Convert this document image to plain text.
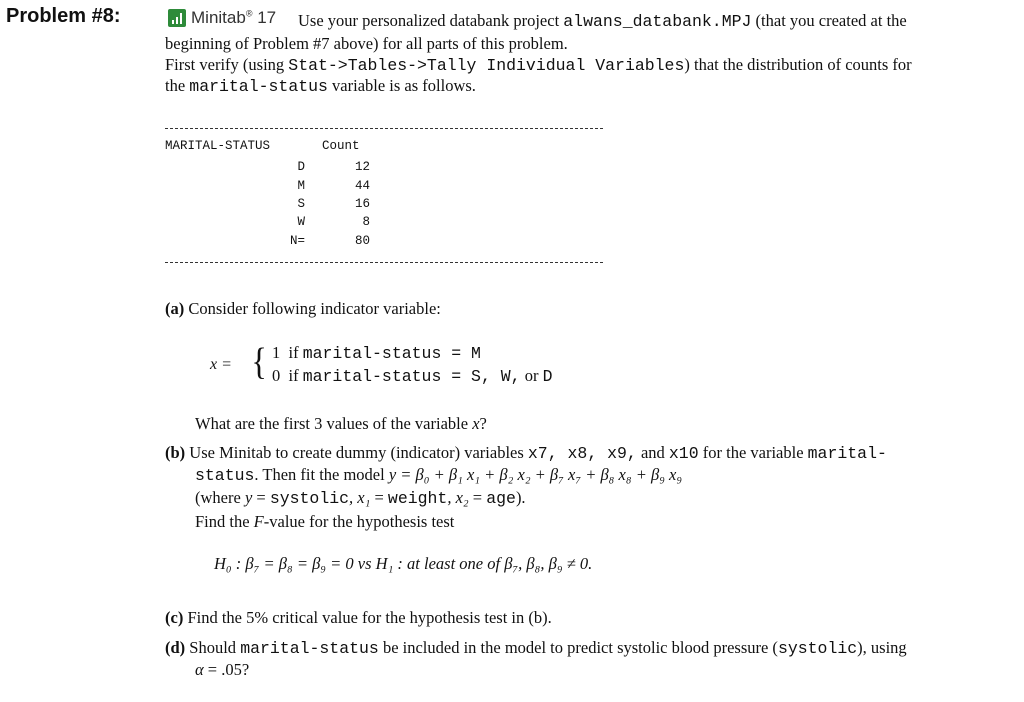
Problem #8:	Minitab® 17 Use your personalized databank project alwans_databank.MPJ (that you created at the
beginning of Problem #7 above) for all parts of this problem.
First verify (using Stat->Tables->Tally Individual Variables) that the distribution of counts for
the marital-status variable is as follows.
MARITAL-STATUS	Count
D	12
M	44
S	16
W	8
N=	80
(a) Consider following indicator variable:
x = { 1 if marital-status = M
0 if marital-status = S, W, or D
What are the first 3 values of the variable x?
(b) Use Minitab to create dummy (indicator) variables x7, x8, x9, and x10 for the variable marital-
status. Then fit the model y = β₀ + β₁ x₁ + β₂ x₂ + β₇ x₇ + β₈ x₈ + β₉ x₉
(where y = systolic, x₁ = weight, x₂ = age).
Find the F-value for the hypothesis test
H₀ : β₇ = β₈ = β₉ = 0 vs H₁ : at least one of β₇, β₈, β₉ ≠ 0.
(c) Find the 5% critical value for the hypothesis test in (b).
(d) Should marital-status be included in the model to predict systolic blood pressure (systolic), using
α = .05?
